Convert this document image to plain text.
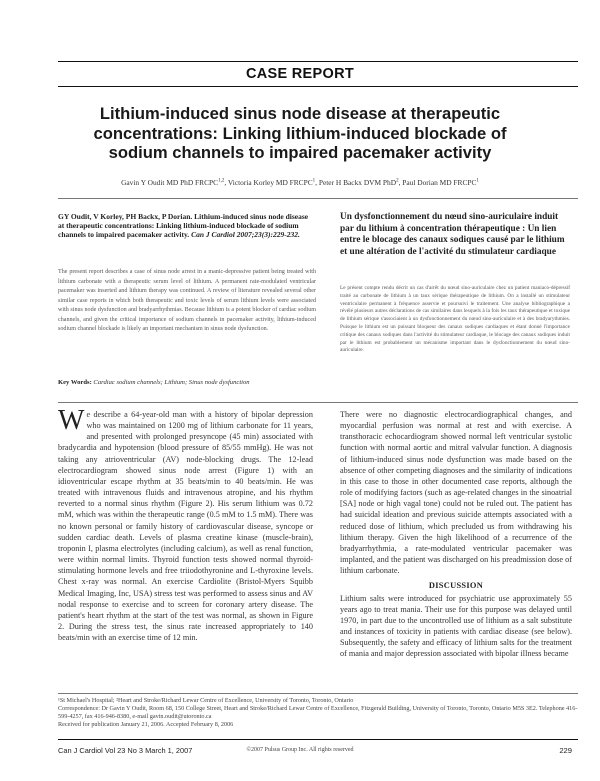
CASE REPORT
Lithium-induced sinus node disease at therapeutic concentrations: Linking lithium-induced blockade of sodium channels to impaired pacemaker activity
Gavin Y Oudit MD PhD FRCPC$^{1,2}$, Victoria Korley MD FRCPC$^1$, Peter H Backx DVM PhD$^2$, Paul Dorian MD FRCPC$^1$
GY Oudit, V Korley, PH Backx, P Dorian. Lithium-induced sinus node disease at therapeutic concentrations: Linking lithium-induced blockade of sodium channels to impaired pacemaker activity. Can J Cardiol 2007;23(3):229-232.
The present report describes a case of sinus node arrest in a manic-depressive patient being treated with lithium carbonate with a therapeutic serum level of lithium. A permanent rate-modulated ventricular pacemaker was inserted and lithium therapy was continued. A review of literature revealed several other similar case reports in which both therapeutic and toxic levels of serum lithium levels were associated with sinus node dysfunction and bradyarrhythmias. Because lithium is a potent blocker of cardiac sodium channels, and given the critical importance of sodium channels in pacemaker activity, lithium-induced sodium channel blockade is likely an important mechanism in sinus node dysfunction.
Key Words: Cardiac sodium channels; Lithium; Sinus node dysfunction
Un dysfonctionnement du nœud sino-auriculaire induit par du lithium à concentration thérapeutique : Un lien entre le blocage des canaux sodiques causé par le lithium et une altération de l'activité du stimulateur cardiaque
Le présent compte rendu décrit un cas d'arrêt du nœud sino-auriculaire chez un patient maniaco-dépressif traité au carbonate de lithium à un taux sérique thérapeutique de lithium. On a installé un stimulateur ventriculaire permanent à fréquence asservie et poursuivi le traitement. Une analyse bibliographique a révélé plusieurs autres déclarations de cas similaires dans lesquels à la fois les taux thérapeutique et toxique de lithium sérique s'associaient à un dysfonctionnement du nœud sino-auriculaire et à des bradyarythmies. Puisque le lithium est un puissant bloqueur des canaux sodiques cardiaques et étant donné l'importance critique des canaux sodiques dans l'activité du stimulateur cardiaque, le blocage des canaux sodiques induit par le lithium est probablement un mécanisme important dans le dysfonctionnement du nœud sino-auriculaire.
We describe a 64-year-old man with a history of bipolar depression who was maintained on 1200 mg of lithium carbonate for 11 years, and presented with prolonged presyncope (45 min) associated with bradycardia and hypotension (blood pressure of 85/55 mmHg). He was not taking any atrioventricular (AV) node-blocking drugs. The 12-lead electrocardiogram showed sinus node arrest (Figure 1) with an idioventricular escape rhythm at 35 beats/min to 40 beats/min. He was treated with intravenous fluids and intravenous atropine, and his rhythm reverted to a normal sinus rhythm (Figure 2). His serum lithium was 0.72 mM, which was within the therapeutic range (0.5 mM to 1.5 mM). There was no known personal or family history of cardiovascular disease, syncope or sudden cardiac death. Levels of plasma creatine kinase (muscle-brain), troponin I, plasma electrolytes (including calcium), as well as renal function, were within normal limits. Thyroid function tests showed normal thyroid-stimulating hormone levels and free triiodothyronine and L-thyroxine levels. Chest x-ray was normal. An exercise Cardiolite (Bristol-Myers Squibb Medical Imaging, Inc, USA) stress test was performed to assess sinus and AV nodal response to exercise and to screen for coronary artery disease. The patient's heart rhythm at the start of the test was normal, as shown in Figure 2. During the stress test, the sinus rate increased appropriately to 140 beats/min with an exercise time of 12 min.

There were no diagnostic electrocardiographical changes, and myocardial perfusion was normal at rest and with exercise. A transthoracic echocardiogram showed normal left ventricular systolic function with normal aortic and mitral valvular function. A diagnosis of lithium-induced sinus node dysfunction was made based on the absence of other competing diagnoses and the similarity of indications in this case to those in other documented case reports, although the role of modifying factors (such as age-related changes in the sinoatrial [SA] node or high vagal tone) could not be ruled out. The patient has had suicidal ideation and previous suicide attempts associated with a reduced dose of lithium, which precluded us from withdrawing his lithium therapy. Given the high likelihood of a recurrence of the bradyarrhythmia, a rate-modulated ventricular pacemaker was implanted, and the patient was discharged on his preadmission dose of lithium carbonate.

DISCUSSION

Lithium salts were introduced for psychiatric use approximately 55 years ago to treat mania. Their use for this purpose was delayed until 1970, in part due to the uncontrolled use of lithium as a salt substitute and instances of toxicity in patients with cardiac disease (see below). Subsequently, the safety and efficacy of lithium salts for the treatment of mania and major depression associated with bipolar illness became

¹St Michael's Hospital; ²Heart and Stroke/Richard Lewar Centre of Excellence, University of Toronto, Toronto, Ontario
Correspondence: Dr Gavin Y Oudit, Room 68, 150 College Street, Heart and Stroke/Richard Lewar Centre of Excellence, Fitzgerald Building, University of Toronto, Toronto, Ontario M5S 3E2. Telephone 416-599-4257, fax 416-946-8380, e-mail gavin.oudit@utoronto.ca
Received for publication January 21, 2006. Accepted February 8, 2006
Can J Cardiol Vol 23 No 3 March 1, 2007	©2007 Pulsus Group Inc. All rights reserved	229
